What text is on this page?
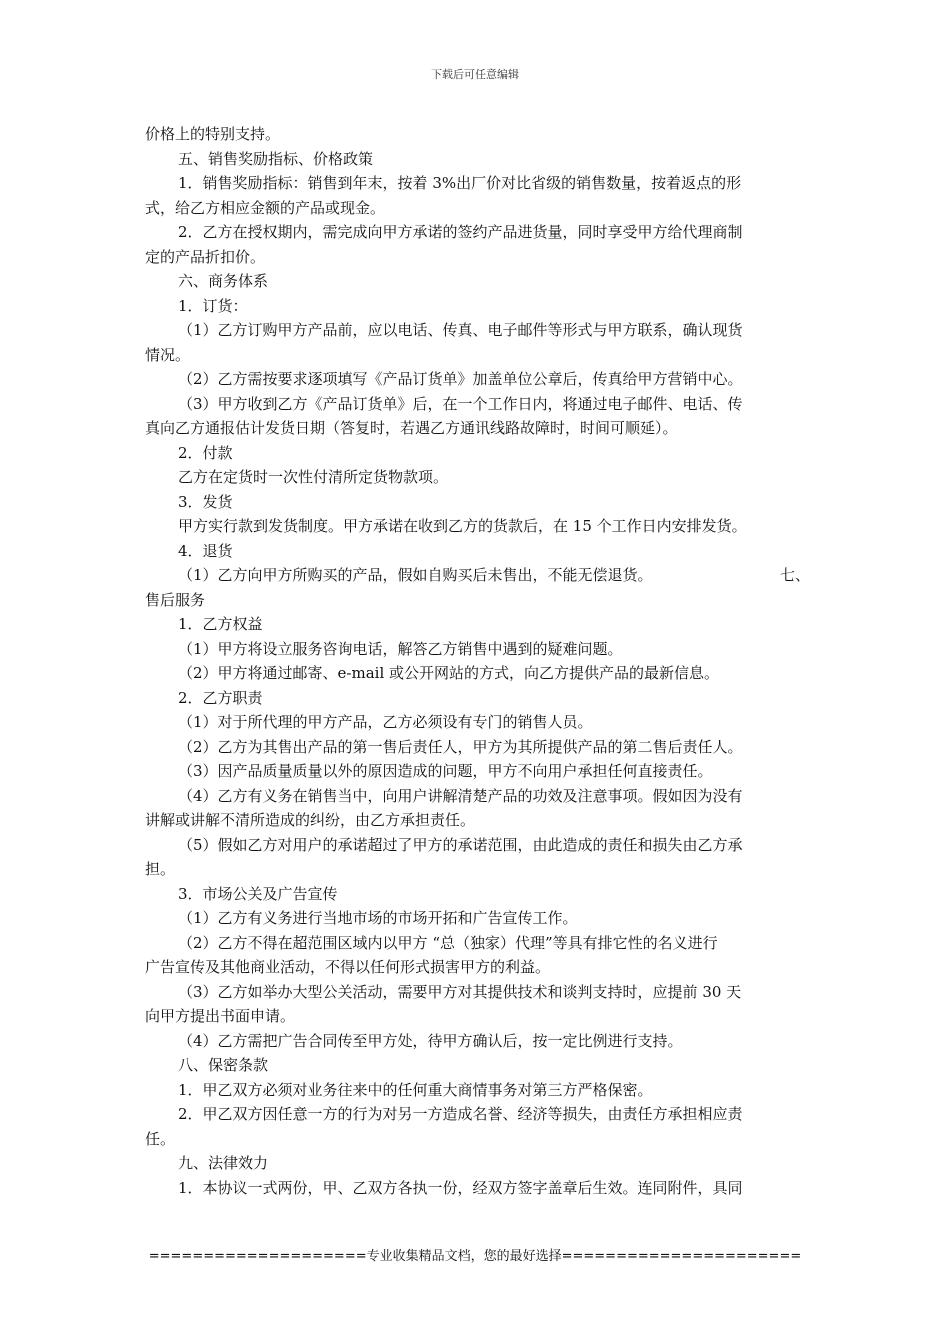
下载后可任意编辑
价格上的特别支持。
五、销售奖励指标、价格政策
1．销售奖励指标：销售到年末，按着 3%出厂价对比省级的销售数量，按着返点的形
式，给乙方相应金额的产品或现金。
2．乙方在授权期内，需完成向甲方承诺的签约产品进货量，同时享受甲方给代理商制
定的产品折扣价。
六、商务体系
1．订货：
（1）乙方订购甲方产品前，应以电话、传真、电子邮件等形式与甲方联系，确认现货
情况。
（2）乙方需按要求逐项填写《产品订货单》加盖单位公章后，传真给甲方营销中心。
（3）甲方收到乙方《产品订货单》后，在一个工作日内，将通过电子邮件、电话、传
真向乙方通报估计发货日期（答复时，若遇乙方通讯线路故障时，时间可顺延）。
2．付款
乙方在定货时一次性付清所定货物款项。
3．发货
甲方实行款到发货制度。甲方承诺在收到乙方的货款后，在 15 个工作日内安排发货。
4．退货
（1）乙方向甲方所购买的产品，假如自购买后未售出，不能无偿退货。	七、
售后服务
1．乙方权益
（1）甲方将设立服务咨询电话，解答乙方销售中遇到的疑难问题。
（2）甲方将通过邮寄、e-mail 或公开网站的方式，向乙方提供产品的最新信息。
2．乙方职责
（1）对于所代理的甲方产品，乙方必须设有专门的销售人员。
（2）乙方为其售出产品的第一售后责任人，甲方为其所提供产品的第二售后责任人。
（3）因产品质量质量以外的原因造成的问题，甲方不向用户承担任何直接责任。
（4）乙方有义务在销售当中，向用户讲解清楚产品的功效及注意事项。假如因为没有
讲解或讲解不清所造成的纠纷，由乙方承担责任。
（5）假如乙方对用户的承诺超过了甲方的承诺范围，由此造成的责任和损失由乙方承
担。
3．市场公关及广告宣传
（1）乙方有义务进行当地市场的市场开拓和广告宣传工作。
（2）乙方不得在超范围区域内以甲方 “总（独家）代理”等具有排它性的名义进行
广告宣传及其他商业活动，不得以任何形式损害甲方的利益。
（3）乙方如举办大型公关活动，需要甲方对其提供技术和谈判支持时，应提前 30 天
向甲方提出书面申请。
（4）乙方需把广告合同传至甲方处，待甲方确认后，按一定比例进行支持。
八、保密条款
1．甲乙双方必须对业务往来中的任何重大商情事务对第三方严格保密。
2．甲乙双方因任意一方的行为对另一方造成名誉、经济等损失，由责任方承担相应责
任。
九、法律效力
1．本协议一式两份，甲、乙双方各执一份，经双方签字盖章后生效。连同附件，具同
====================专业收集精品文档，您的最好选择======================
